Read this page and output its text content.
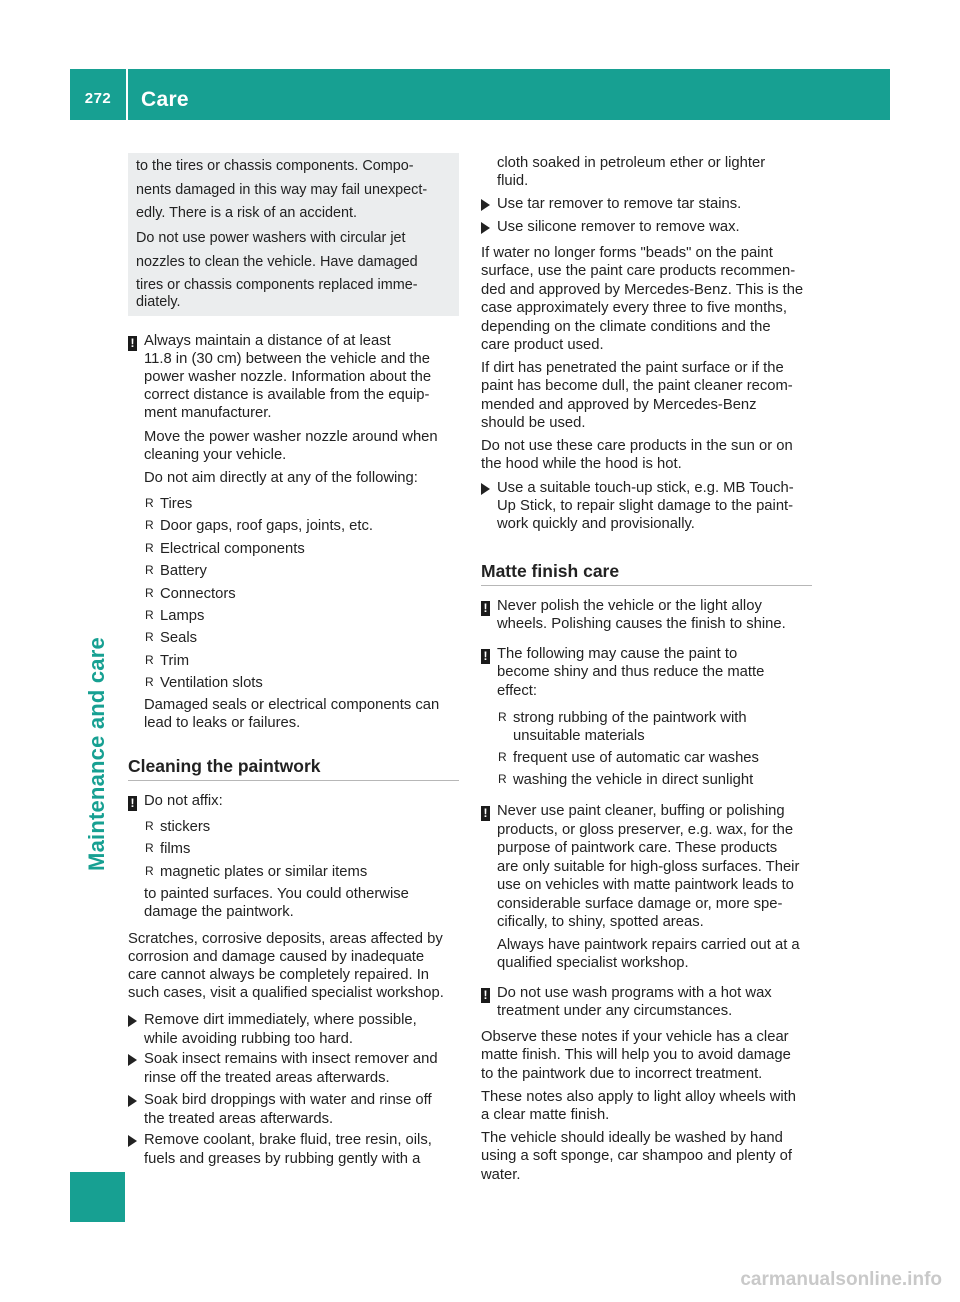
272	Care
Maintenance and care

to the tires or chassis components. Compo-

nents damaged in this way may fail unexpect-

edly. There is a risk of an accident.

Do not use power washers with circular jet

nozzles to clean the vehicle. Have damaged

tires or chassis components replaced imme-

diately.

! Always maintain a distance of at least

11.8 in (30 cm) between the vehicle and the

power washer nozzle. Information about the

correct distance is available from the equip-

ment manufacturer.

Move the power washer nozzle around when

cleaning your vehicle.

Do not aim directly at any of the following:

R Tires

R Door gaps, roof gaps, joints, etc.

R Electrical components

R Battery

R Connectors

R Lamps

R Seals

R Trim

R Ventilation slots

Damaged seals or electrical components can

lead to leaks or failures.

Cleaning the paintwork

! Do not affix:

R stickers

R films

R magnetic plates or similar items

to painted surfaces. You could otherwise

damage the paintwork.

Scratches, corrosive deposits, areas affected by

corrosion and damage caused by inadequate

care cannot always be completely repaired. In

such cases, visit a qualified specialist workshop.

Remove dirt immediately, where possible,

while avoiding rubbing too hard.

Soak insect remains with insect remover and

rinse off the treated areas afterwards.

Soak bird droppings with water and rinse off

the treated areas afterwards.

Remove coolant, brake fluid, tree resin, oils,

fuels and greases by rubbing gently with a

cloth soaked in petroleum ether or lighter

fluid.

Use tar remover to remove tar stains.

Use silicone remover to remove wax.

If water no longer forms "beads" on the paint

surface, use the paint care products recommen-

ded and approved by Mercedes-Benz. This is the

case approximately every three to five months,

depending on the climate conditions and the

care product used.

If dirt has penetrated the paint surface or if the

paint has become dull, the paint cleaner recom-

mended and approved by Mercedes-Benz

should be used.

Do not use these care products in the sun or on

the hood while the hood is hot.

Use a suitable touch-up stick, e.g. MB Touch-

Up Stick, to repair slight damage to the paint-

work quickly and provisionally.

Matte finish care

! Never polish the vehicle or the light alloy

wheels. Polishing causes the finish to shine.

! The following may cause the paint to

become shiny and thus reduce the matte

effect:

R strong rubbing of the paintwork with

unsuitable materials

R frequent use of automatic car washes

R washing the vehicle in direct sunlight

! Never use paint cleaner, buffing or polishing

products, or gloss preserver, e.g. wax, for the

purpose of paintwork care. These products

are only suitable for high-gloss surfaces. Their

use on vehicles with matte paintwork leads to

considerable surface damage or, more spe-

cifically, to shiny, spotted areas.

Always have paintwork repairs carried out at a

qualified specialist workshop.

! Do not use wash programs with a hot wax

treatment under any circumstances.

Observe these notes if your vehicle has a clear

matte finish. This will help you to avoid damage

to the paintwork due to incorrect treatment.

These notes also apply to light alloy wheels with

a clear matte finish.

The vehicle should ideally be washed by hand

using a soft sponge, car shampoo and plenty of

water.

carmanualsonline.info
